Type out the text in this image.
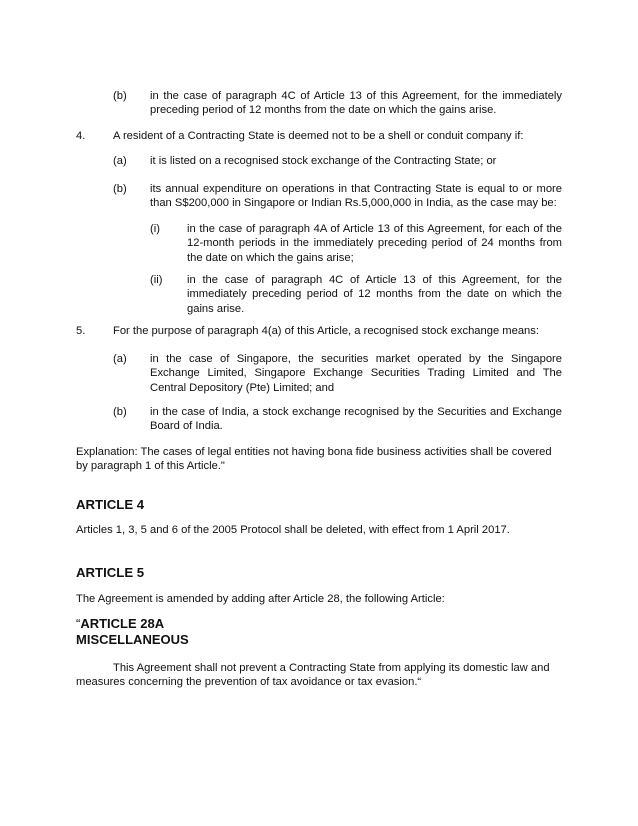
(b) in the case of paragraph 4C of Article 13 of this Agreement, for the immediately preceding period of 12 months from the date on which the gains arise.
4. A resident of a Contracting State is deemed not to be a shell or conduit company if:
(a) it is listed on a recognised stock exchange of the Contracting State; or
(b) its annual expenditure on operations in that Contracting State is equal to or more than S$200,000 in Singapore or Indian Rs.5,000,000 in India, as the case may be:
(i) in the case of paragraph 4A of Article 13 of this Agreement, for each of the 12-month periods in the immediately preceding period of 24 months from the date on which the gains arise;
(ii) in the case of paragraph 4C of Article 13 of this Agreement, for the immediately preceding period of 12 months from the date on which the gains arise.
5. For the purpose of paragraph 4(a) of this Article, a recognised stock exchange means:
(a) in the case of Singapore, the securities market operated by the Singapore Exchange Limited, Singapore Exchange Securities Trading Limited and The Central Depository (Pte) Limited; and
(b) in the case of India, a stock exchange recognised by the Securities and Exchange Board of India.
Explanation: The cases of legal entities not having bona fide business activities shall be covered by paragraph 1 of this Article."
ARTICLE 4
Articles 1, 3, 5 and 6 of the 2005 Protocol shall be deleted, with effect from 1 April 2017.
ARTICLE 5
The Agreement is amended by adding after Article 28, the following Article:
“ARTICLE 28A
MISCELLANEOUS
This Agreement shall not prevent a Contracting State from applying its domestic law and measures concerning the prevention of tax avoidance or tax evasion.“
